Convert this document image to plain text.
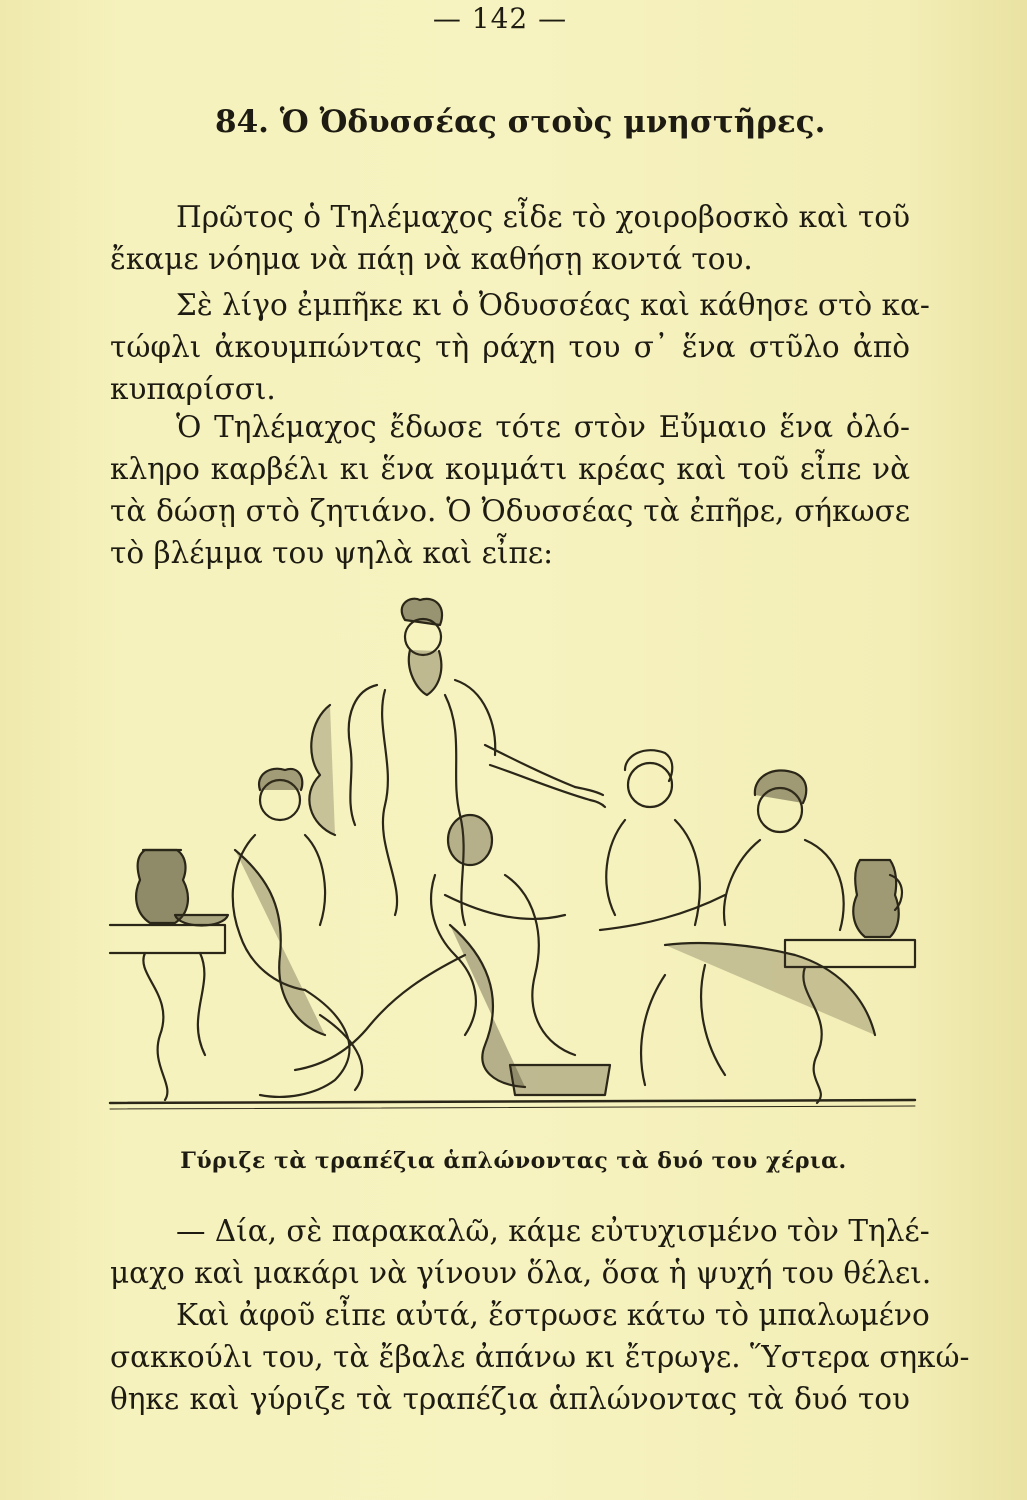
— 142 —
84. Ὁ Ὀδυσσέας στοὺς μνηστῆρες.
Πρῶτος ὁ Τηλέμαχος εἶδε τὸ χοιροβοσκὸ καὶ τοῦ
ἔκαμε νόημα νὰ πάῃ νὰ καθήσῃ κοντά του.
Σὲ λίγο ἐμπῆκε κι ὁ Ὀδυσσέας καὶ κάθησε στὸ κα-
τώφλι ἀκουμπώντας τὴ ράχη του σ᾽ ἕνα στῦλο ἀπὸ
κυπαρίσσι.
Ὁ Τηλέμαχος ἔδωσε τότε στὸν Εὔμαιο ἕνα ὁλό-
κληρο καρβέλι κι ἕνα κομμάτι κρέας καὶ τοῦ εἶπε νὰ
τὰ δώσῃ στὸ ζητιάνο. Ὁ Ὀδυσσέας τὰ ἐπῆρε, σήκωσε
τὸ βλέμμα του ψηλὰ καὶ εἶπε:
Γύριζε τὰ τραπέζια ἁπλώνοντας τὰ δυό του χέρια.
— Δία, σὲ παρακαλῶ, κάμε εὐτυχισμένο τὸν Τηλέ-
μαχο καὶ μακάρι νὰ γίνουν ὅλα, ὅσα ἡ ψυχή του θέλει.
Καὶ ἀφοῦ εἶπε αὐτά, ἔστρωσε κάτω τὸ μπαλωμένο
σακκούλι του, τὰ ἔβαλε ἀπάνω κι ἔτρωγε. Ὕστερα σηκώ-
θηκε καὶ γύριζε τὰ τραπέζια ἁπλώνοντας τὰ δυό του
